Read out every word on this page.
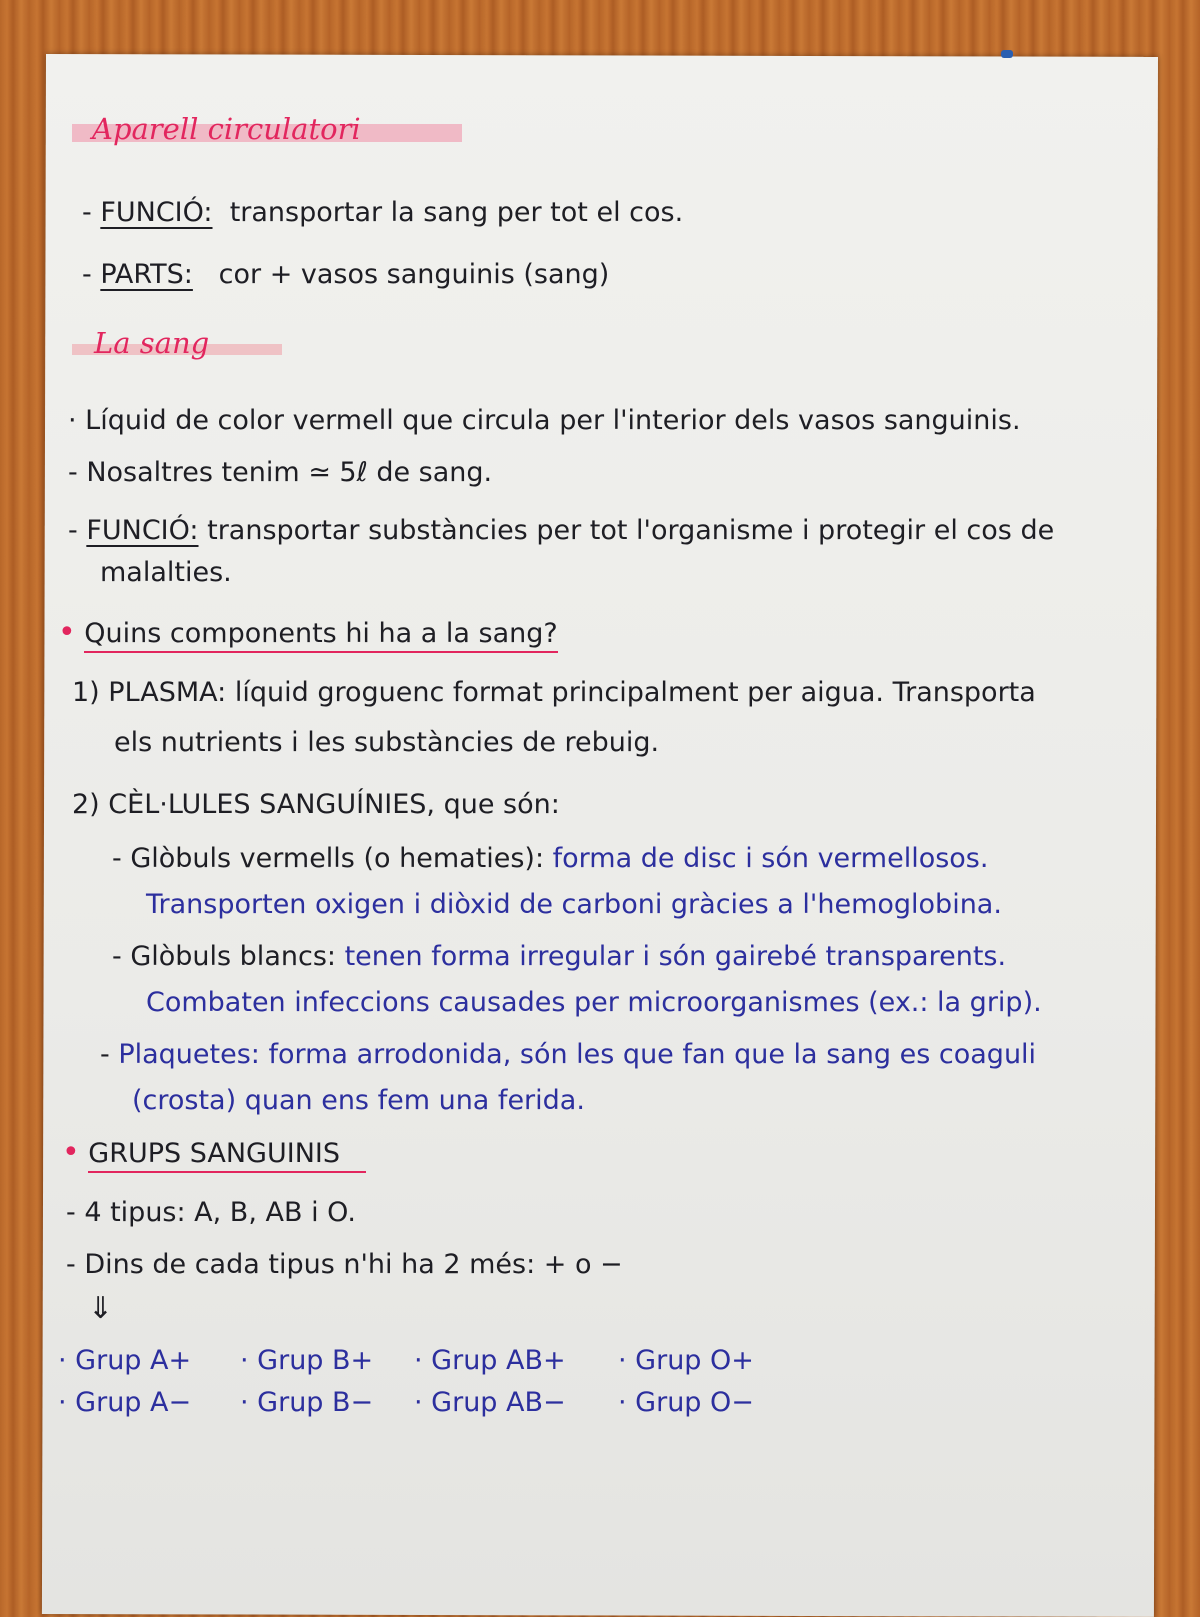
Aparell circulatori
- FUNCIÓ: transportar la sang per tot el cos.
- PARTS: cor + vasos sanguinis (sang)
La sang
· Líquid de color vermell que circula per l'interior dels vasos sanguinis.
- Nosaltres tenim ≃ 5ℓ de sang.
- FUNCIÓ: transportar substàncies per tot l'organisme i protegir el cos de
malalties.
• Quins components hi ha a la sang?
1) PLASMA: líquid groguenc format principalment per aigua. Transporta
els nutrients i les substàncies de rebuig.
2) CÈL·LULES SANGUÍNIES, que són:
- Glòbuls vermells (o hematies): forma de disc i són vermellosos.
Transporten oxigen i diòxid de carboni gràcies a l'hemoglobina.
- Glòbuls blancs: tenen forma irregular i són gairebé transparents.
Combaten infeccions causades per microorganismes (ex.: la grip).
- Plaquetes: forma arrodonida, són les que fan que la sang es coaguli
(crosta) quan ens fem una ferida.
• GRUPS SANGUINIS
- 4 tipus: A, B, AB i O.
- Dins de cada tipus n'hi ha 2 més: + o −
⇓
· Grup A+
· Grup A−
· Grup B+
· Grup B−
· Grup AB+
· Grup AB−
· Grup O+
· Grup O−
